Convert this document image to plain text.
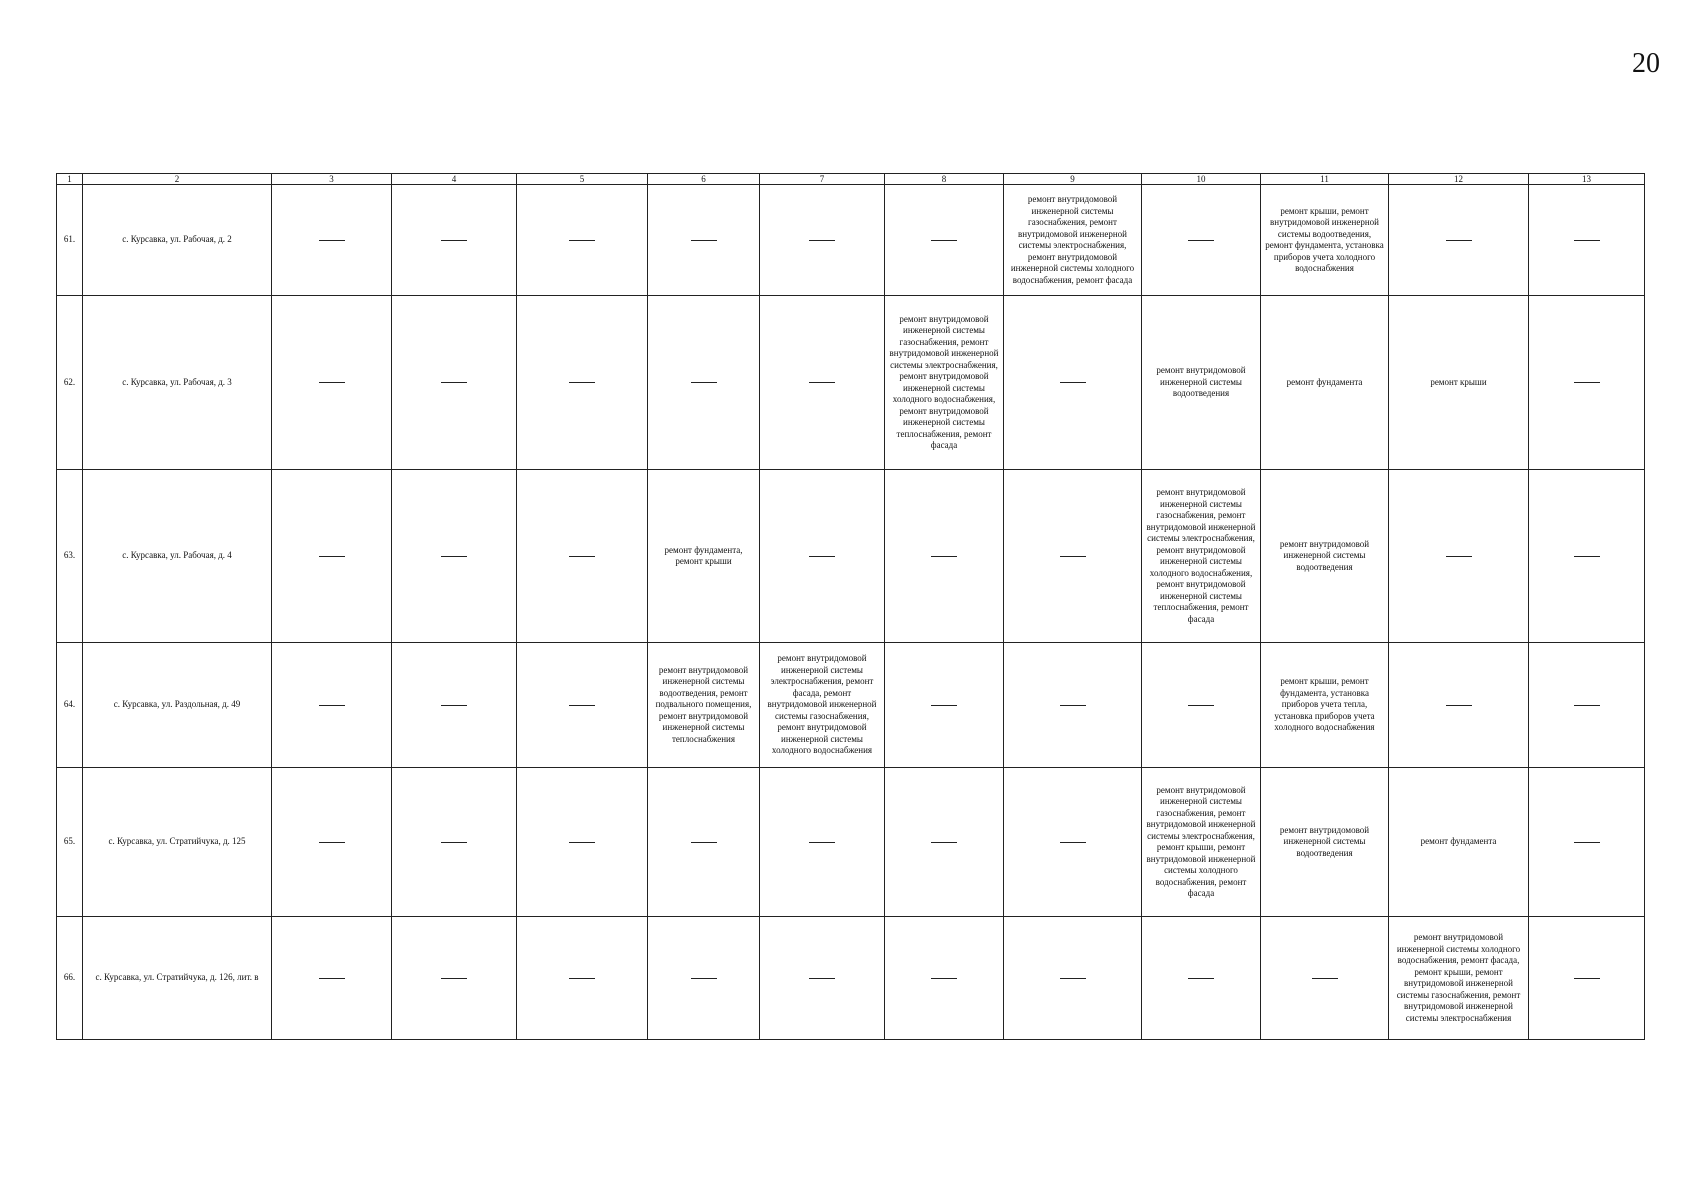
20
1	2	3	4	5	6	7	8	9	10	11	12	13
61.	с. Курсавка, ул. Рабочая, д. 2							ремонт внутридомовой инженерной системы газоснабжения, ремонт внутридомовой инженерной системы электроснабжения, ремонт внутридомовой инженерной системы холодного водоснабжения, ремонт фасада		ремонт крыши, ремонт внутридомовой инженерной системы водоотведения, ремонт фундамента, установка приборов учета холодного водоснабжения		
62.	с. Курсавка, ул. Рабочая, д. 3						ремонт внутридомовой инженерной системы газоснабжения, ремонт внутридомовой инженерной системы электроснабжения, ремонт внутридомовой инженерной системы холодного водоснабжения, ремонт внутридомовой инженерной системы теплоснабжения, ремонт фасада		ремонт внутридомовой инженерной системы водоотведения	ремонт фундамента	ремонт крыши	
63.	с. Курсавка, ул. Рабочая, д. 4				ремонт фундамента, ремонт крыши				ремонт внутридомовой инженерной системы газоснабжения, ремонт внутридомовой инженерной системы электроснабжения, ремонт внутридомовой инженерной системы холодного водоснабжения, ремонт внутридомовой инженерной системы теплоснабжения, ремонт фасада	ремонт внутридомовой инженерной системы водоотведения		
64.	с. Курсавка, ул. Раздольная, д. 49				ремонт внутридомовой инженерной системы водоотведения, ремонт подвального помещения, ремонт внутридомовой инженерной системы теплоснабжения	ремонт внутридомовой инженерной системы электроснабжения, ремонт фасада, ремонт внутридомовой инженерной системы газоснабжения, ремонт внутридомовой инженерной системы холодного водоснабжения				ремонт крыши, ремонт фундамента, установка приборов учета тепла, установка приборов учета холодного водоснабжения		
65.	с. Курсавка, ул. Стратийчука, д. 125								ремонт внутридомовой инженерной системы газоснабжения, ремонт внутридомовой инженерной системы электроснабжения, ремонт крыши, ремонт внутридомовой инженерной системы холодного водоснабжения, ремонт фасада	ремонт внутридомовой инженерной системы водоотведения	ремонт фундамента	
66.	с. Курсавка, ул. Стратийчука, д. 126, лит. в										ремонт внутридомовой инженерной системы холодного водоснабжения, ремонт фасада, ремонт крыши, ремонт внутридомовой инженерной системы газоснабжения, ремонт внутридомовой инженерной системы электроснабжения	
